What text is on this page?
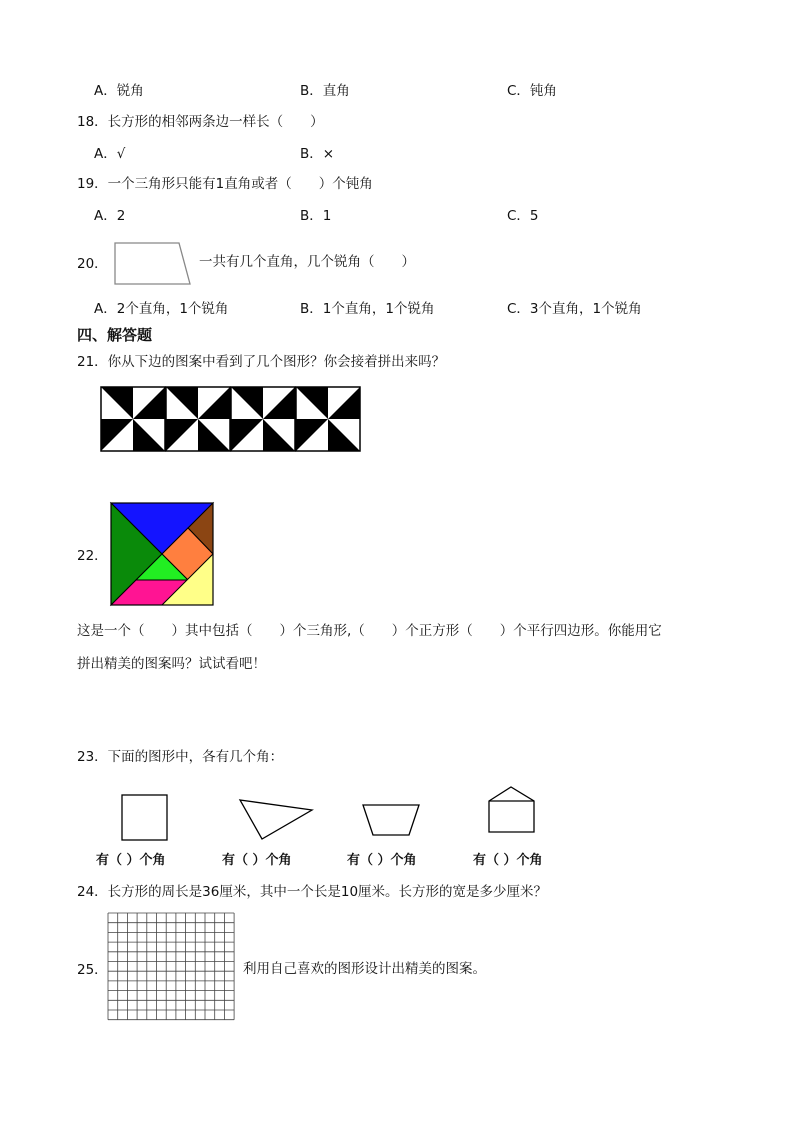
A．锐角	B．直角	C．钝角
18．长方形的相邻两条边一样长（　　）
A．√	B．×
19．一个三角形只能有1直角或者（　　）个钝角
A．2	B．1	C．5
20．	一共有几个直角，几个锐角（　　）
A．2个直角，1个锐角	B．1个直角，1个锐角	C．3个直角，1个锐角
四、解答题
21．你从下边的图案中看到了几个图形？你会接着拼出来吗？
22．
这是一个（　　）其中包括（　　）个三角形,（　　）个正方形（　　）个平行四边形。你能用它
拼出精美的图案吗？试试看吧！
23．下面的图形中，各有几个角：
有（ ）个角	有（ ）个角	有（ ）个角	有（ ）个角
24．长方形的周长是36厘米，其中一个长是10厘米。长方形的宽是多少厘米？
25．	利用自己喜欢的图形设计出精美的图案。
